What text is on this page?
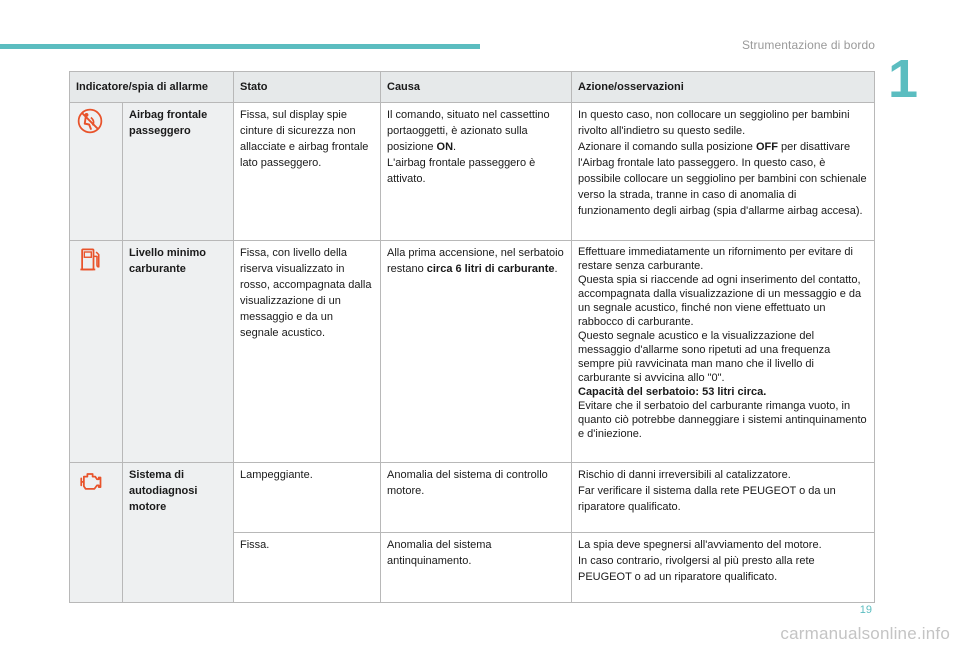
Strumentazione di bordo
1
Indicatore/spia di allarme		Stato	Causa	Azione/osservazioni
	Airbag frontale passeggero	Fissa, sul display spie cinture di sicurezza non allacciate e airbag frontale lato passeggero.	Il comando, situato nel cassettino portaoggetti, è azionato sulla posizione ON.
L'airbag frontale passeggero è attivato.	In questo caso, non collocare un seggiolino per bambini rivolto all'indietro su questo sedile.
Azionare il comando sulla posizione OFF per disattivare l'Airbag frontale lato passeggero. In questo caso, è possibile collocare un seggiolino per bambini con schienale verso la strada, tranne in caso di anomalia di funzionamento degli airbag (spia d'allarme airbag accesa).
	Livello minimo carburante	Fissa, con livello della riserva visualizzato in rosso, accompagnata dalla visualizzazione di un messaggio e da un segnale acustico.	Alla prima accensione, nel serbatoio restano circa 6 litri di carburante.	Effettuare immediatamente un rifornimento per evitare di restare senza carburante.
Questa spia si riaccende ad ogni inserimento del contatto, accompagnata dalla visualizzazione di un messaggio e da un segnale acustico, finché non viene effettuato un rabbocco di carburante.
Questo segnale acustico e la visualizzazione del messaggio d'allarme sono ripetuti ad una frequenza sempre più ravvicinata man mano che il livello di carburante si avvicina allo "0".
Capacità del serbatoio: 53 litri circa.
Evitare che il serbatoio del carburante rimanga vuoto, in quanto ciò potrebbe danneggiare i sistemi antinquinamento e d'iniezione.
	Sistema di autodiagnosi motore	Lampeggiante.	Anomalia del sistema di controllo motore.	Rischio di danni irreversibili al catalizzatore.
Far verificare il sistema dalla rete PEUGEOT o da un riparatore qualificato.
		Fissa.	Anomalia del sistema antinquinamento.	La spia deve spegnersi all'avviamento del motore.
In caso contrario, rivolgersi al più presto alla rete PEUGEOT o ad un riparatore qualificato.
19
carmanualsonline.info
